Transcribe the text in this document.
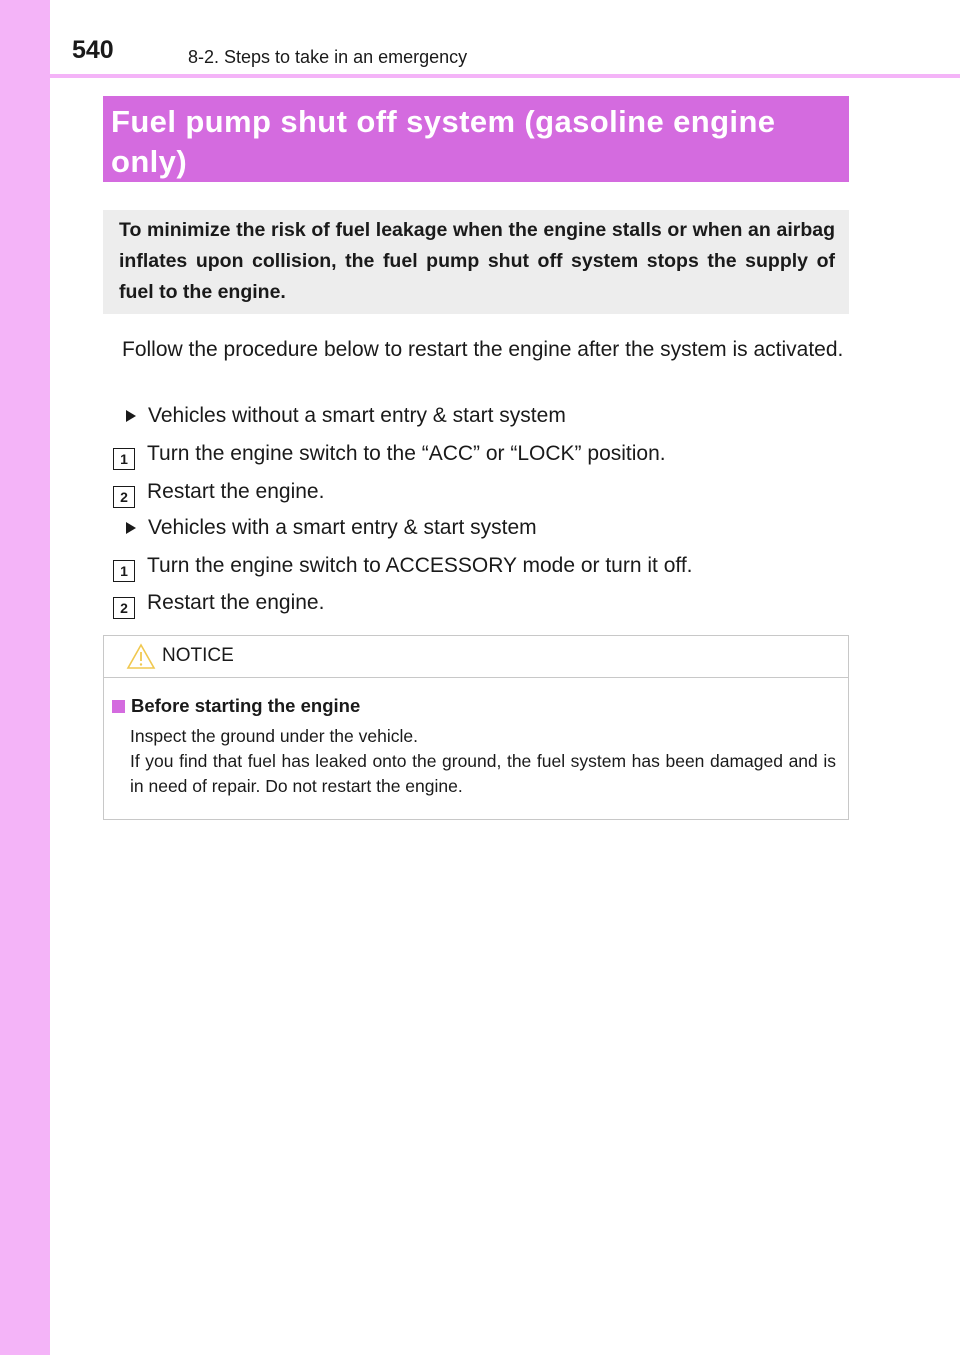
540	8-2. Steps to take in an emergency
Fuel pump shut off system (gasoline engine only)
To minimize the risk of fuel leakage when the engine stalls or when an airbag inflates upon collision, the fuel pump shut off system stops the supply of fuel to the engine.
Follow the procedure below to restart the engine after the system is activated.
Vehicles without a smart entry & start system
1 Turn the engine switch to the “ACC” or “LOCK” position.
2 Restart the engine.
Vehicles with a smart entry & start system
1 Turn the engine switch to ACCESSORY mode or turn it off.
2 Restart the engine.
NOTICE
Before starting the engine
Inspect the ground under the vehicle.
If you find that fuel has leaked onto the ground, the fuel system has been damaged and is in need of repair. Do not restart the engine.
